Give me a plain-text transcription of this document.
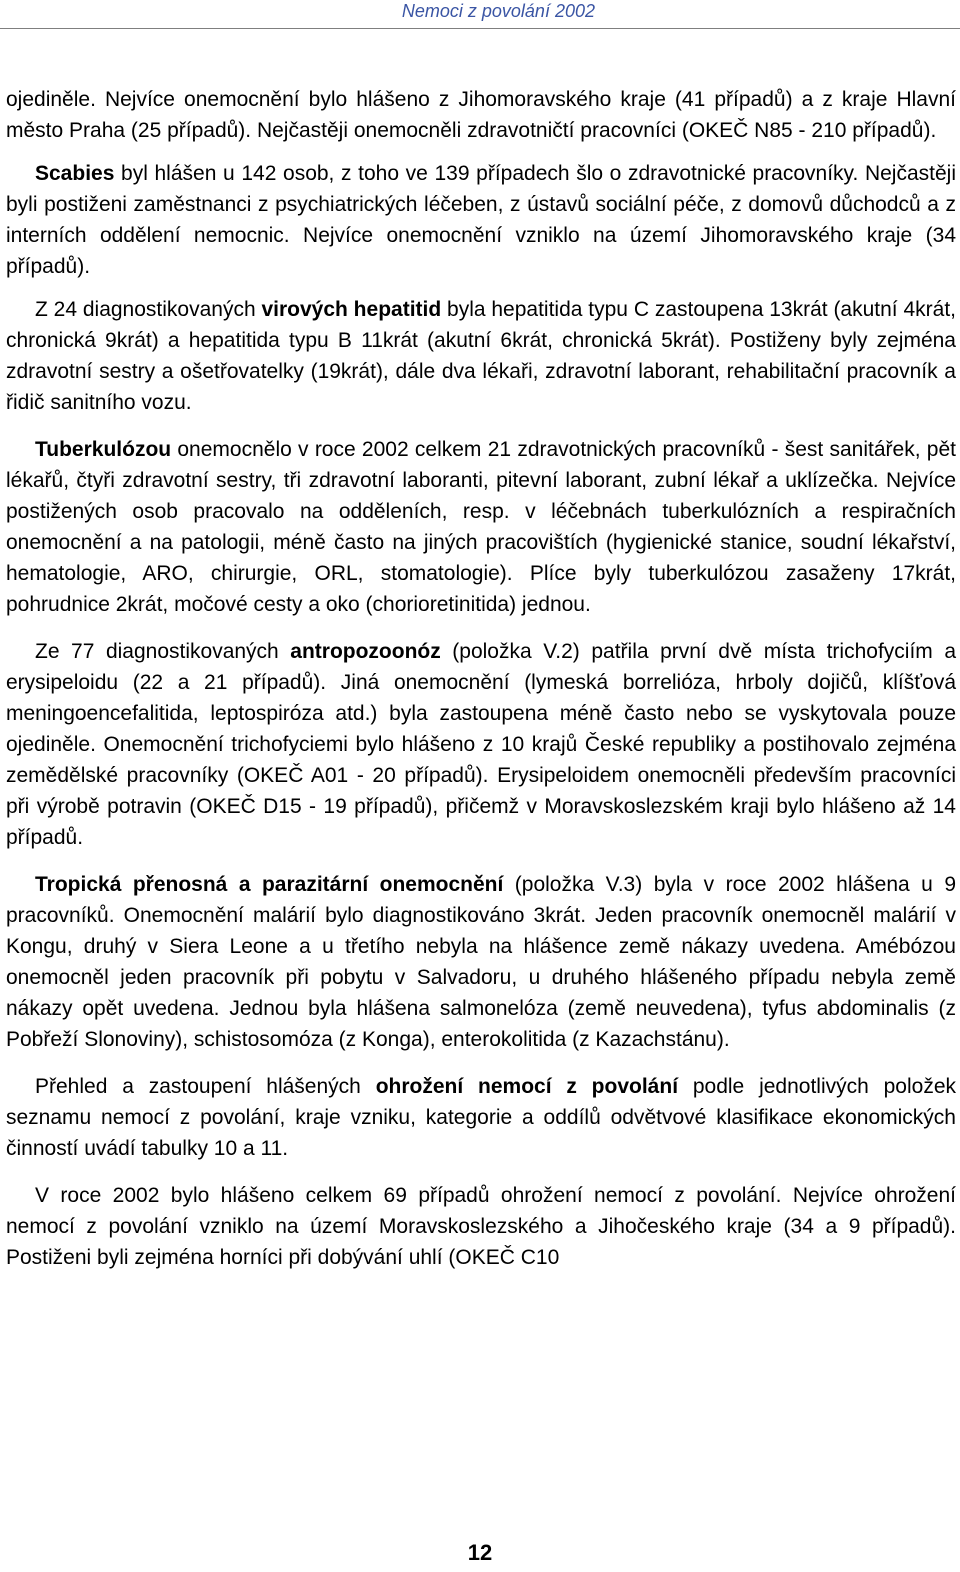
Nemoci z povolání 2002

ojediněle. Nejvíce onemocnění bylo hlášeno z Jihomoravského kraje (41 případů) a z kraje Hlavní město Praha (25 případů). Nejčastěji onemocněli zdravotničtí pracovníci (OKEČ N85 - 210 případů).

Scabies byl hlášen u 142 osob, z toho ve 139 případech šlo o zdravotnické pracovníky. Nejčastěji byli postiženi zaměstnanci z psychiatrických léčeben, z ústavů sociální péče, z domovů důchodců a z interních oddělení nemocnic. Nejvíce onemocnění vzniklo na území Jihomoravského kraje (34 případů).

Z 24 diagnostikovaných virových hepatitid byla hepatitida typu C zastoupena 13krát (akutní 4krát, chronická 9krát) a hepatitida typu B 11krát (akutní 6krát, chronická 5krát). Postiženy byly zejména zdravotní sestry a ošetřovatelky (19krát), dále dva lékaři, zdravotní laborant, rehabilitační pracovník a řidič sanitního vozu.

Tuberkulózou onemocnělo v roce 2002 celkem 21 zdravotnických pracovníků - šest sanitářek, pět lékařů, čtyři zdravotní sestry, tři zdravotní laboranti, pitevní laborant, zubní lékař a uklízečka. Nejvíce postižených osob pracovalo na odděleních, resp. v léčebnách tuberkulózních a respiračních onemocnění a na patologii, méně často na jiných pracovištích (hygienické stanice, soudní lékařství, hematologie, ARO, chirurgie, ORL, stomatologie). Plíce byly tuberkulózou zasaženy 17krát, pohrudnice 2krát, močové cesty a oko (chorioretinitida) jednou.

Ze 77 diagnostikovaných antropozoonóz (položka V.2) patřila první dvě místa trichofyciím a erysipeloidu (22 a 21 případů). Jiná onemocnění (lymeská borrelióza, hrboly dojičů, klíšťová meningoencefalitida, leptospiróza atd.) byla zastoupena méně často nebo se vyskytovala pouze ojediněle. Onemocnění trichofyciemi bylo hlášeno z 10 krajů České republiky a postihovalo zejména zemědělské pracovníky (OKEČ A01 - 20 případů). Erysipeloidem onemocněli především pracovníci při výrobě potravin (OKEČ D15 - 19 případů), přičemž v Moravskoslezském kraji bylo hlášeno až 14 případů.

Tropická přenosná a parazitární onemocnění (položka V.3) byla v roce 2002 hlášena u 9 pracovníků. Onemocnění malárií bylo diagnostikováno 3krát. Jeden pracovník onemocněl malárií v Kongu, druhý v Siera Leone a u třetího nebyla na hlášence země nákazy uvedena. Amébózou onemocněl jeden pracovník při pobytu v Salvadoru, u druhého hlášeného případu nebyla země nákazy opět uvedena. Jednou byla hlášena salmonelóza (země neuvedena), tyfus abdominalis (z Pobřeží Slonoviny), schistosomóza (z Konga), enterokolitida (z Kazachstánu).

Přehled a zastoupení hlášených ohrožení nemocí z povolání podle jednotlivých položek seznamu nemocí z povolání, kraje vzniku, kategorie a oddílů odvětvové klasifikace ekonomických činností uvádí tabulky 10 a 11.

V roce 2002 bylo hlášeno celkem 69 případů ohrožení nemocí z povolání. Nejvíce ohrožení nemocí z povolání vzniklo na území Moravskoslezského a Jihočeského kraje (34 a 9 případů). Postiženi byli zejména horníci při dobývání uhlí (OKEČ C10

12
